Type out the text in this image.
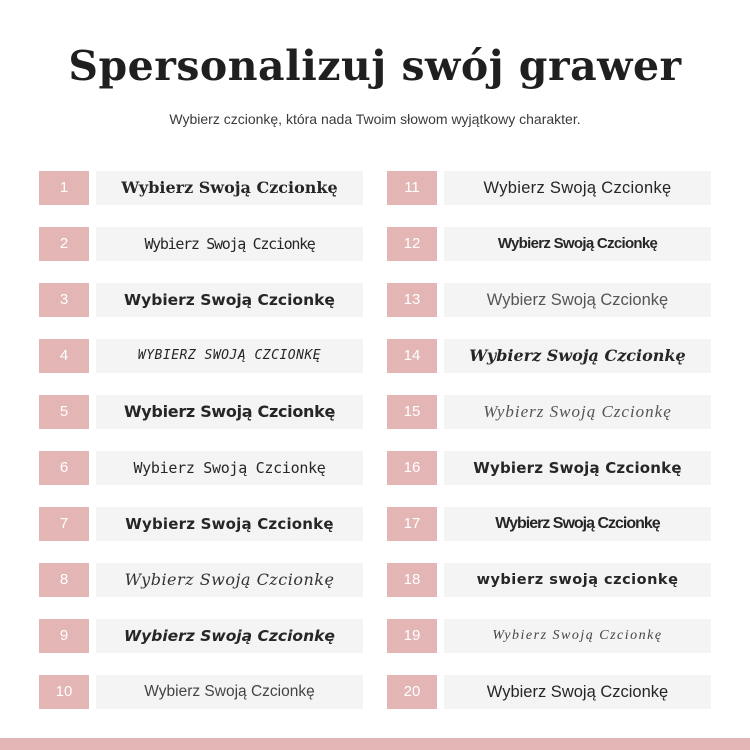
Spersonalizuj swój grawer
Wybierz czcionkę, która nada Twoim słowom wyjątkowy charakter.
1	Wybierz Swoją Czcionkę
2	Wybierz Swoją Czcionkę
3	Wybierz Swoją Czcionkę
4	WYBIERZ SWOJĄ CZCIONKĘ
5	Wybierz Swoją Czcionkę
6	Wybierz Swoją Czcionkę
7	Wybierz Swoją Czcionkę
8	Wybierz Swoją Czcionkę
9	Wybierz Swoją Czcionkę
10	Wybierz Swoją Czcionkę
11	Wybierz Swoją Czcionkę
12	Wybierz Swoją Czcionkę
13	Wybierz Swoją Czcionkę
14	Wybierz Swoją Czcionkę
15	Wybierz Swoją Czcionkę
16	Wybierz Swoją Czcionkę
17	Wybierz Swoją Czcionkę
18	wybierz swoją czcionkę
19	Wybierz Swoją Czcionkę
20	Wybierz Swoją Czcionkę
